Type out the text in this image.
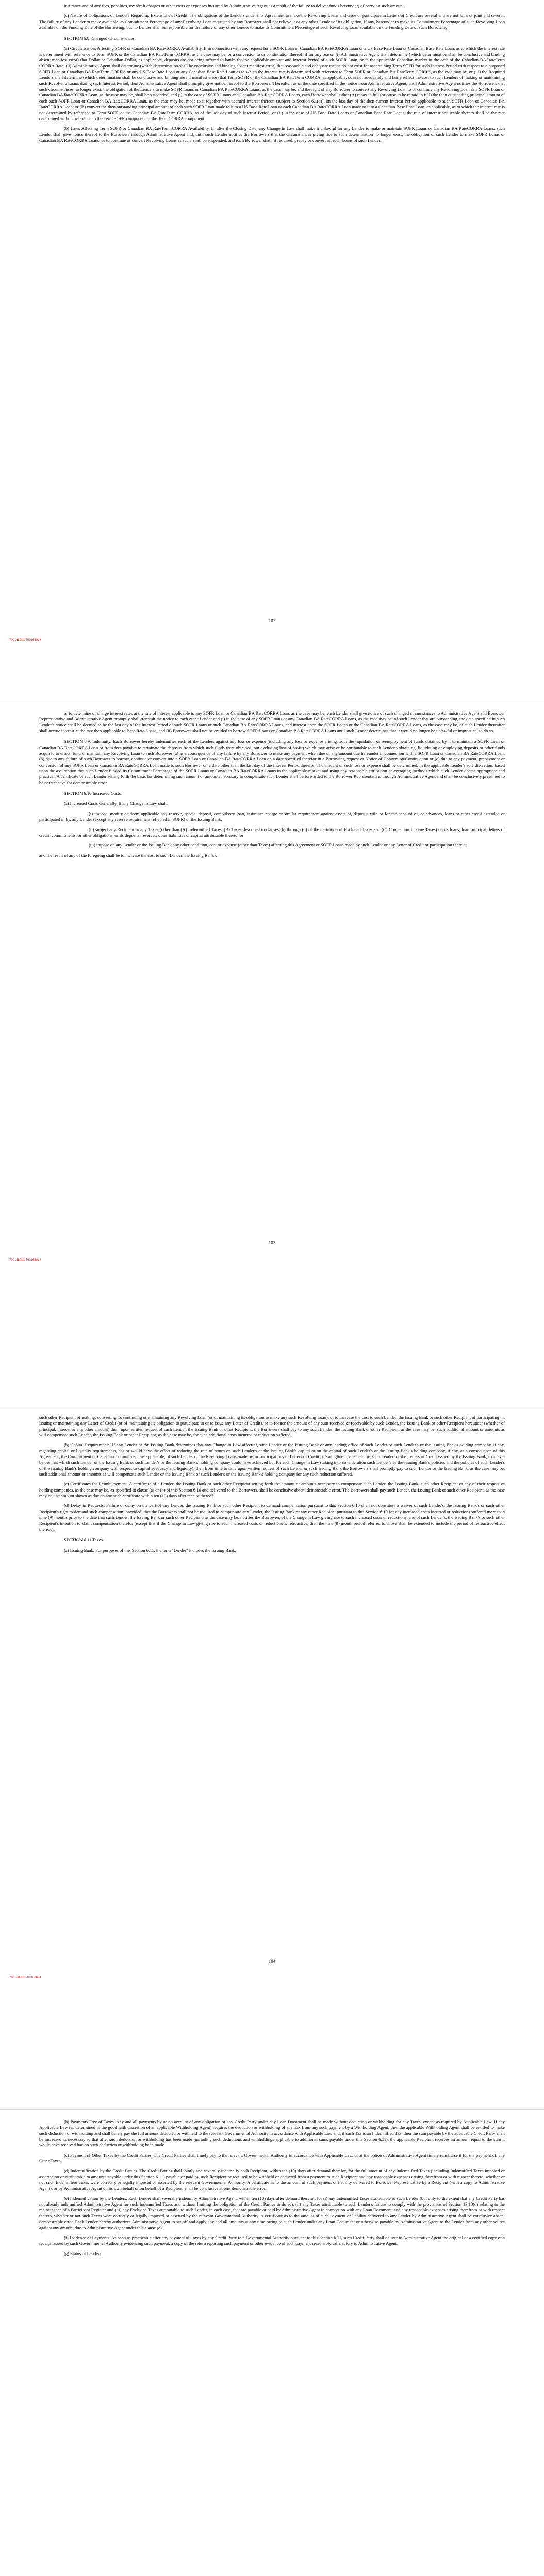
insurance and of any fees, penalties, overdraft charges or other costs or expenses incurred by Administrative Agent as a result of the failure to deliver funds hereunder) of carrying such amount.

(c) Nature of Obligations of Lenders Regarding Extensions of Credit. The obligations of the Lenders under this Agreement to make the Revolving Loans and issue or participate in Letters of Credit are several and are not joint or joint and several. The failure of any Lender to make available its Commitment Percentage of any Revolving Loan requested by any Borrower shall not relieve it or any other Lender of its obligation, if any, hereunder to make its Commitment Percentage of such Revolving Loan available on the Funding Date of the Borrowing, but no Lender shall be responsible for the failure of any other Lender to make its Commitment Percentage of such Revolving Loan available on the Funding Date of such Borrowing.

SECTION 6.8. Changed Circumstances.

(a) Circumstances Affecting SOFR or Canadian BA RateCORRA Availability. If in connection with any request for a SOFR Loan or Canadian BA RateCORRA Loan or a US Base Rate Loan or Canadian Base Rate Loan, as to which the interest rate is determined with reference to Term SOFR or the Canadian BA RateTerm CORRA, as the case may be, or a conversion to or continuation thereof, if for any reason (i) Administrative Agent shall determine (which determination shall be conclusive and binding absent manifest error) that Dollar or Canadian Dollar, as applicable, deposits are not being offered to banks for the applicable amount and Interest Period of such SOFR Loan, or in the applicable Canadian market in the case of the Canadian BA RateTerm CORRA Rate, (ii) Administrative Agent shall determine (which determination shall be conclusive and binding absent manifest error) that reasonable and adequate means do not exist for ascertaining Term SOFR for such Interest Period with respect to a proposed SOFR Loan or Canadian BA RateTerm CORRA or any US Base Rate Loan or any Canadian Base Rate Loan as to which the interest rate is determined with reference to Term SOFR or Canadian BA RateTerm CORRA, as the case may be, or (iii) the Required Lenders shall determine (which determination shall be conclusive and binding absent manifest error) that Term SOFR or the Canadian BA RateTerm CORRA, as applicable, does not adequately and fairly reflect the cost to such Lenders of making or maintaining such Revolving Loans during such Interest Period, then Administrative Agent shall promptly give notice thereof to the Borrowers. Thereafter, as of the date specified in the notice from Administrative Agent, until Administrative Agent notifies the Borrowers that such circumstances no longer exist, the obligation of the Lenders to make SOFR Loans or Canadian BA RateCORRA Loans, as the case may be, and the right of any Borrower to convert any Revolving Loan to or continue any Revolving Loan as a SOFR Loan or Canadian BA RateCORRA Loan, as the case may be, shall be suspended, and (i) in the case of SOFR Loans and Canadian BA RateCORRA Loans, each Borrower shall either (A) repay in full (or cause to be repaid in full) the then outstanding principal amount of each such SOFR Loan or Canadian BA RateCORRA Loan, as the case may be, made to it together with accrued interest thereon (subject to Section 6.1(d)), on the last day of the then current Interest Period applicable to such SOFR Loan or Canadian BA RateCORRA Loan; or (B) convert the then outstanding principal amount of each such SOFR Loan made to it to a US Base Rate Loan or each Canadian BA RateCORRA Loan made to it to a Canadian Base Rate Loan, as applicable, as to which the interest rate is not determined by reference to Term SOFR or the Canadian BA RateTerm CORRA, as of the last day of such Interest Period; or (ii) in the case of US Base Rate Loans or Canadian Base Rate Loans, the rate of interest applicable thereto shall be the rate determined without reference to the Term SOFR component or the Term CORRA component.

(b) Laws Affecting Term SOFR or Canadian BA RateTerm CORRA Availability. If, after the Closing Date, any Change in Law shall make it unlawful for any Lender to make or maintain SOFR Loans or Canadian BA RateCORRA Loans, such Lender shall give notice thereof to the Borrowers through Administrative Agent and, until such Lender notifies the Borrowers that the circumstances giving rise to such determination no longer exist, the obligation of such Lender to make SOFR Loans or Canadian BA RateCORRA Loans, or to continue or convert Revolving Loans as such, shall be suspended, and each Borrower shall, if required, prepay or convert all such Loans of such Lender.

102
7001680L1 7001680L4

or to determine or charge interest rates at the rate of interest applicable to any SOFR Loan or Canadian BA RateCORRA Loan, as the case may be, such Lender shall give notice of such changed circumstances to Administrative Agent and Borrower Representative and Administrative Agent promptly shall transmit the notice to each other Lender and (i) in the case of any SOFR Loans or any Canadian BA RateCORRA Loans, as the case may be, of such Lender that are outstanding, the date specified in such Lender's notice shall be deemed to be the last day of the Interest Period of such SOFR Loans or such Canadian BA RateCORRA Loans, and interest upon the SOFR Loans or the Canadian BA RateCORRA Loans, as the case may be, of such Lender thereafter shall accrue interest at the rate then applicable to Base Rate Loans, and (ii) Borrowers shall not be entitled to borrow SOFR Loans or Canadian BA RateCORRA Loans until such Lender determines that it would no longer be unlawful or impractical to do so.

SECTION 6.9. Indemnity. Each Borrower hereby indemnifies each of the Lenders against any loss or expense (including any loss or expense arising from the liquidation or reemployment of funds obtained by it to maintain a SOFR Loan or Canadian BA RateCORRA Loan or from fees payable to terminate the deposits from which such funds were obtained, but excluding loss of profit) which may arise or be attributable to each Lender's obtaining, liquidating or employing deposits or other funds acquired to effect, fund or maintain any Revolving Loan to such Borrower (a) as a consequence of any failure by any Borrower to make any payment when due of any amount due hereunder in connection with a SOFR Loan or Canadian BA RateCORRA Loan, (b) due to any failure of such Borrower to borrow, continue or convert into a SOFR Loan or Canadian BA RateCORRA Loan on a date specified therefor in a Borrowing request or Notice of Conversion/Continuation or (c) due to any payment, prepayment or conversion of any SOFR Loan or Canadian BA RateCORRA Loan made to such Borrower on a date other than the last day of the Interest Period therefor. The amount of such loss or expense shall be determined, in the applicable Lender's sole discretion, based upon the assumption that such Lender funded its Commitment Percentage of the SOFR Loans or Canadian BA RateCORRA Loans in the applicable market and using any reasonable attribution or averaging methods which such Lender deems appropriate and practical. A certificate of such Lender setting forth the basis for determining such amount or amounts necessary to compensate such Lender shall be forwarded to the Borrower Representative, through Administrative Agent and shall be conclusively presumed to be correct save for demonstrable error.

SECTION 6.10 Increased Costs.

(a) Increased Costs Generally. If any Change in Law shall:

(i) impose, modify or deem applicable any reserve, special deposit, compulsory loan, insurance charge or similar requirement against assets of, deposits with or for the account of, or advances, loans or other credit extended or participated in by, any Lender (except any reserve requirement reflected in SOFR) or the Issuing Bank;

(ii) subject any Recipient to any Taxes (other than (A) Indemnified Taxes, (B) Taxes described in clauses (b) through (d) of the definition of Excluded Taxes and (C) Connection Income Taxes) on its loans, loan principal, letters of credit, commitments, or other obligations, or its deposits, reserves, other liabilities or capital attributable thereto; or

(iii) impose on any Lender or the Issuing Bank any other condition, cost or expense (other than Taxes) affecting this Agreement or SOFR Loans made by such Lender or any Letter of Credit or participation therein;

and the result of any of the foregoing shall be to increase the cost to such Lender, the Issuing Bank or

103
7001680L1 7001680L4

such other Recipient of making, converting to, continuing or maintaining any Revolving Loan (or of maintaining its obligation to make any such Revolving Loan), or to increase the cost to such Lender, the Issuing Bank or such other Recipient of participating in, issuing or maintaining any Letter of Credit (or of maintaining its obligation to participate in or to issue any Letter of Credit), or to reduce the amount of any sum received or receivable by such Lender, the Issuing Bank or other Recipient hereunder (whether of principal, interest or any other amount) then, upon written request of such Lender, the Issuing Bank or other Recipient, the Borrowers shall pay to any such Lender, the Issuing Bank or other Recipient, as the case may be, such additional amount or amounts as will compensate such Lender, the Issuing Bank or other Recipient, as the case may be, for such additional costs incurred or reduction suffered.

(b) Capital Requirements. If any Lender or the Issuing Bank determines that any Change in Law affecting such Lender or the Issuing Bank or any lending office of such Lender or such Lender's or the Issuing Bank's holding company, if any, regarding capital or liquidity requirements, has or would have the effect of reducing the rate of return on such Lender's or the Issuing Bank's capital or on the capital of such Lender's or the Issuing Bank's holding company, if any, as a consequence of this Agreement, the Commitment or Canadian Commitment, as applicable, of such Lender or the Revolving Loans made by, or participations in Letters of Credit or Swingline Loans held by, such Lender, or the Letters of Credit issued by the Issuing Bank, to a level below that which such Lender or the Issuing Bank or such Lender's or the Issuing Bank's holding company could have achieved but for such Change in Law (taking into consideration such Lender's or the Issuing Bank's policies and the policies of such Lender's or the Issuing Bank's holding company with respect to capital adequacy and liquidity), then from time to time upon written request of such Lender or such Issuing Bank the Borrowers shall promptly pay to such Lender or the Issuing Bank, as the case may be, such additional amount or amounts as will compensate such Lender or the Issuing Bank or such Lender's or the Issuing Bank's holding company for any such reduction suffered.

(c) Certificates for Reimbursement. A certificate of a Lender, the Issuing Bank or such other Recipient setting forth the amount or amounts necessary to compensate such Lender, the Issuing Bank, such other Recipient or any of their respective holding companies, as the case may be, as specified in clause (a) or (b) of this Section 6.10 and delivered to the Borrowers, shall be conclusive absent demonstrable error. The Borrowers shall pay such Lender, the Issuing Bank or such other Recipient, as the case may be, the amount shown as due on any such certificate within ten (10) days after receipt thereof.

(d) Delay in Requests. Failure or delay on the part of any Lender, the Issuing Bank or such other Recipient to demand compensation pursuant to this Section 6.10 shall not constitute a waiver of such Lender's, the Issuing Bank's or such other Recipient's right to demand such compensation; provided, that the Borrowers shall not be required to compensate any Lender, the Issuing Bank or any other Recipient pursuant to this Section 6.10 for any increased costs incurred or reductions suffered more than nine (9) months prior to the date that such Lender, the Issuing Bank or such other Recipient, as the case may be, notifies the Borrowers of the Change in Law giving rise to such increased costs or reductions, and of such Lender's, the Issuing Bank's or such other Recipient's intention to claim compensation therefor (except that if the Change in Law giving rise to such increased costs or reductions is retroactive, then the nine (9) month period referred to above shall be extended to include the period of retroactive effect thereof).

SECTION 6.11 Taxes.

(a) Issuing Bank. For purposes of this Section 6.11, the term "Lender" includes the Issuing Bank.

104
7001680L1 7001680L4

(b) Payments Free of Taxes. Any and all payments by or on account of any obligation of any Credit Party under any Loan Document shall be made without deduction or withholding for any Taxes, except as required by Applicable Law. If any Applicable Law (as determined in the good faith discretion of an applicable Withholding Agent) requires the deduction or withholding of any Tax from any such payment by a Withholding Agent, then the applicable Withholding Agent shall be entitled to make such deduction or withholding and shall timely pay the full amount deducted or withheld to the relevant Governmental Authority in accordance with Applicable Law and, if such Tax is an Indemnified Tax, then the sum payable by the applicable Credit Party shall be increased as necessary so that after such deduction or withholding has been made (including such deductions and withholdings applicable to additional sums payable under this Section 6.11), the applicable Recipient receives an amount equal to the sum it would have received had no such deduction or withholding been made.

(c) Payment of Other Taxes by the Credit Parties. The Credit Parties shall timely pay to the relevant Governmental Authority in accordance with Applicable Law, or at the option of Administrative Agent timely reimburse it for the payment of, any Other Taxes.

(d) Indemnification by the Credit Parties. The Credit Parties shall jointly and severally indemnify each Recipient, within ten (10) days after demand therefor, for the full amount of any Indemnified Taxes (including Indemnified Taxes imposed or asserted on or attributable to amounts payable under this Section 6.11) payable or paid by such Recipient or required to be withheld or deducted from a payment to such Recipient and any reasonable expenses arising therefrom or with respect thereto, whether or not such Indemnified Taxes were correctly or legally imposed or asserted by the relevant Governmental Authority. A certificate as to the amount of such payment or liability delivered to Borrower Representative by a Recipient (with a copy to Administrative Agent), or by Administrative Agent on its own behalf or on behalf of a Recipient, shall be conclusive absent demonstrable error.

(e) Indemnification by the Lenders. Each Lender shall severally indemnify Administrative Agent, within ten (10) days after demand therefor, for (i) any Indemnified Taxes attributable to such Lender (but only to the extent that any Credit Party has not already indemnified Administrative Agent for such Indemnified Taxes and without limiting the obligation of the Credit Parties to do so), (ii) any Taxes attributable to such Lender's failure to comply with the provisions of Section 13.10(d) relating to the maintenance of a Participant Register and (iii) any Excluded Taxes attributable to such Lender, in each case, that are payable or paid by Administrative Agent in connection with any Loan Document, and any reasonable expenses arising therefrom or with respect thereto, whether or not such Taxes were correctly or legally imposed or asserted by the relevant Governmental Authority. A certificate as to the amount of such payment or liability delivered to any Lender by Administrative Agent shall be conclusive absent demonstrable error. Each Lender hereby authorizes Administrative Agent to set off and apply any and all amounts at any time owing to such Lender under any Loan Document or otherwise payable by Administrative Agent to the Lender from any other source against any amount due to Administrative Agent under this clause (e).

(f) Evidence of Payments. As soon as practicable after any payment of Taxes by any Credit Party to a Governmental Authority pursuant to this Section 6.11, such Credit Party shall deliver to Administrative Agent the original or a certified copy of a receipt issued by such Governmental Authority evidencing such payment, a copy of the return reporting such payment or other evidence of such payment reasonably satisfactory to Administrative Agent.

(g) Status of Lenders.
